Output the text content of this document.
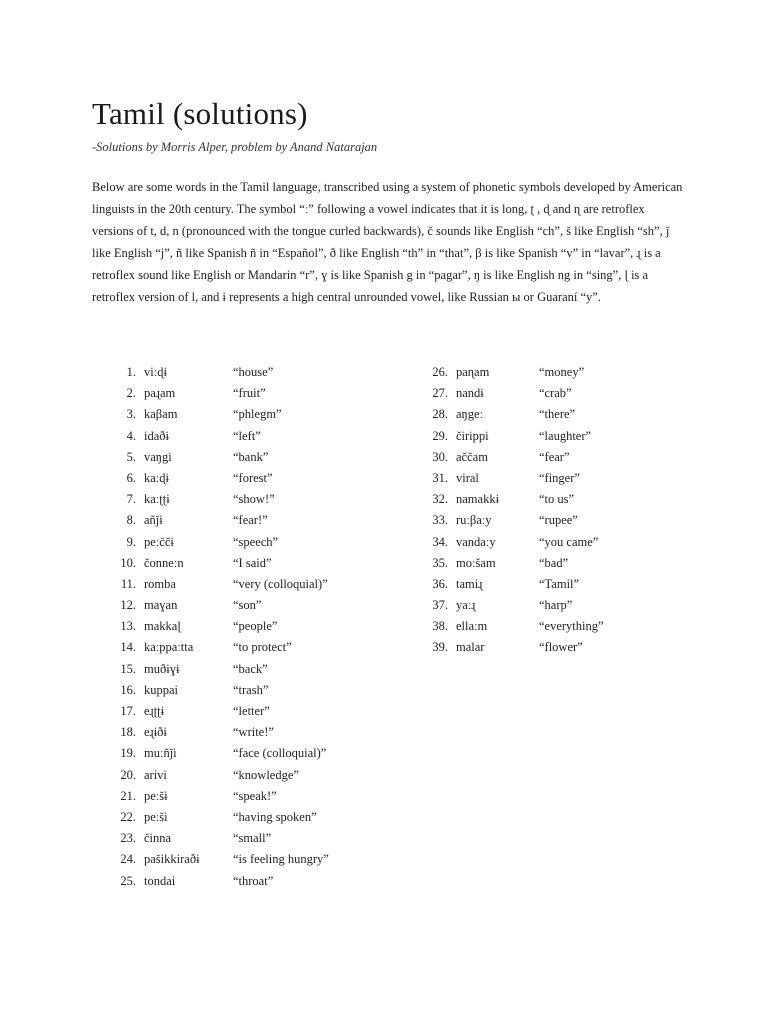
Tamil (solutions)
-Solutions by Morris Alper, problem by Anand Natarajan

Below are some words in the Tamil language, transcribed using a system of phonetic symbols developed by American linguists in the 20th century. The symbol “ː” following a vowel indicates that it is long, ʈ , ɖ and ɳ are retroflex versions of t, d, n (pronounced with the tongue curled backwards), č sounds like English “ch”, š like English “sh”, ǰ like English “j”, ñ like Spanish ñ in “Español”, ð like English “th” in “that”, β is like Spanish “v” in “lavar”, ɻ is a retroflex sound like English or Mandarin “r”, ɣ is like Spanish g in “pagar”, ŋ is like English ng in “sing”, ɭ is a retroflex version of l, and ɨ represents a high central unrounded vowel, like Russian ы or Guaraní “y”.

1. viːɖɨ	“house”
2. paɻam	“fruit”
3. kaβam	“phlegm”
4. idaðɨ	“left”
5. vaŋgi	“bank”
6. kaːɖɨ	“forest”
7. kaːʈʈɨ	“show!”
8. añǰɨ	“fear!”
9. peːččɨ	“speech”
10. čonneːn	“I said”
11. romba	“very (colloquial)”
12. maɣan	“son”
13. makkaɭ	“people”
14. kaːppaːtta	“to protect”
15. muðɨɣɨ	“back”
16. kuppai	“trash”
17. eɻʈʈɨ	“letter”
18. eɻɨðɨ	“write!”
19. muːñǰi	“face (colloquial)”
20. arivi	“knowledge”
21. peːšɨ	“speak!”
22. peːši	“having spoken”
23. činna	“small”
24. pašikkiraðɨ	“is feeling hungry”
25. tondai	“throat”
26. paɳam	“money”
27. nandɨ	“crab”
28. aŋgeː	“there”
29. čirippi	“laughter”
30. aččam	“fear”
31. viral	“finger”
32. namakkɨ	“to us”
33. ruːβaːy	“rupee”
34. vandaːy	“you came”
35. moːšam	“bad”
36. tamiɻ	“Tamil”
37. yaːɻ	“harp”
38. ellaːm	“everything”
39. malar	“flower”
